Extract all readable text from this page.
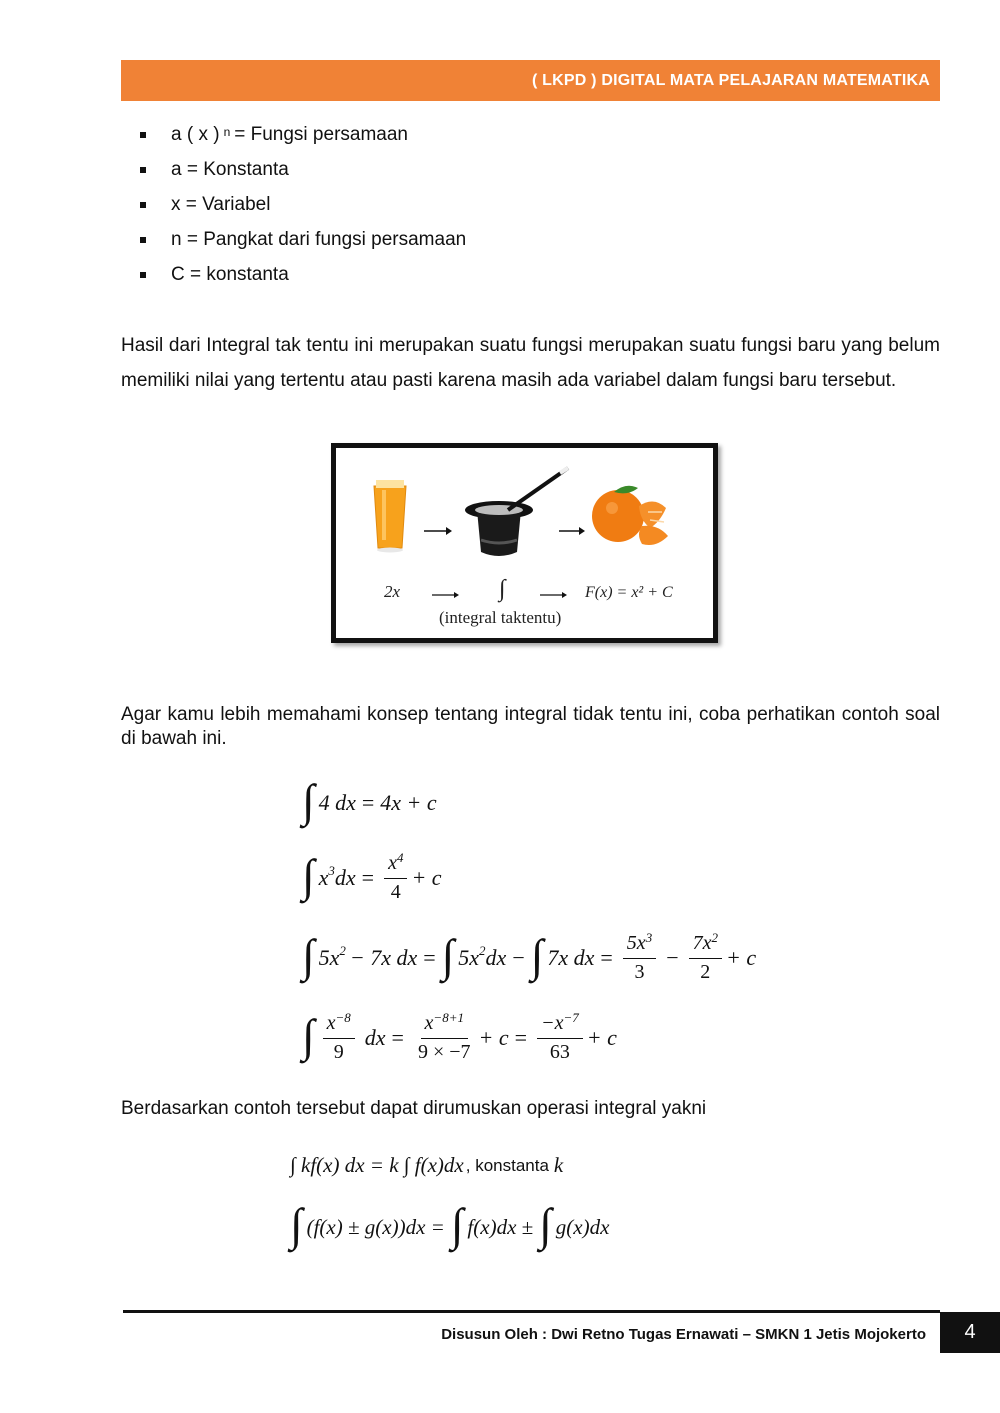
( LKPD ) DIGITAL MATA PELAJARAN MATEMATIKA
a ( x ) $^n$ = Fungsi persamaan
a = Konstanta
x = Variabel
n = Pangkat dari fungsi persamaan
C = konstanta

Hasil dari Integral tak tentu ini merupakan suatu fungsi merupakan suatu fungsi baru yang belum memiliki nilai yang tertentu atau pasti karena masih ada variabel dalam fungsi baru tersebut.

2x	∫	F(x) = x² + C
(integral taktentu)

Agar kamu lebih memahami konsep tentang integral tidak tentu ini, coba perhatikan contoh soal di bawah ini.

∫ 4 dx = 4x + c
∫ $x^3$ dx = $\frac{x^4}{4} + c$
∫ $5x^2 - 7x$ dx = ∫ $5x^2$ dx − ∫ 7x dx = $\frac{5x^3}{3} - \frac{7x^2}{2} + c$
∫ $\frac{x^{-8}}{9}$ dx = $\frac{x^{-8+1}}{9 \times -7} + c = \frac{-x^{-7}}{63} + c$

Berdasarkan contoh tersebut dapat dirumuskan operasi integral yakni

∫ kf(x) dx = k ∫ f(x)dx , konstanta k
∫ (f(x) ± g(x))dx = ∫ f(x)dx ± ∫ g(x)dx
Disusun Oleh : Dwi Retno Tugas Ernawati – SMKN 1 Jetis Mojokerto 4
